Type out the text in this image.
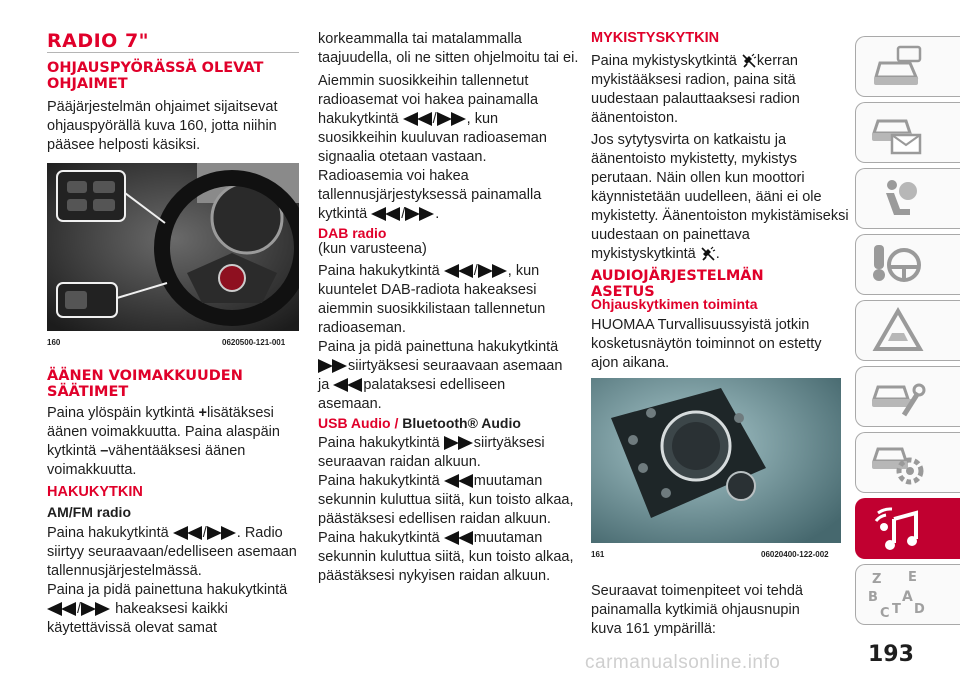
RADIO 7"
OHJAUSPYÖRÄSSÄ OLEVAT OHJAIMET

Pääjärjestelmän ohjaimet sijaitsevat

ohjauspyörällä kuva 160, jotta niihin

pääsee helposti käsiksi.

160	0620500-121-001
ÄÄNEN VOIMAKKUUDEN SÄÄTIMET

Paina ylöspäin kytkintä +lisätäksesi

äänen voimakkuutta. Paina alaspäin

kytkintä –vähentääksesi äänen

voimakkuutta.

HAKUKYTKIN
AM/FM radio

Paina hakukytkintä / . Radio

siirtyy seuraavaan/edelliseen asemaan

tallennusjärjestelmässä.

Paina ja pidä painettuna hakukytkintä

/ hakeaksesi kaikki

käytettävissä olevat samat

korkeammalla tai matalammalla

taajuudella, oli ne sitten ohjelmoitu tai ei.

Aiemmin suosikkeihin tallennetut

radioasemat voi hakea painamalla

hakukytkintä / , kun

suosikkeihin kuuluvan radioaseman

signaalia otetaan vastaan.

Radioasemia voi hakea

tallennusjärjestyksessä painamalla

kytkintä / .

DAB radio

(kun varusteena)

Paina hakukytkintä / , kun

kuuntelet DAB-radiota hakeaksesi

aiemmin suosikkilistaan tallennetun

radioaseman.

Paina ja pidä painettuna hakukytkintä

siirtyäksesi seuraavaan asemaan

ja palataksesi edelliseen

asemaan.

USB Audio / Bluetooth® Audio

Paina hakukytkintä siirtyäksesi

seuraavan raidan alkuun.

Paina hakukytkintä muutaman

sekunnin kuluttua siitä, kun toisto alkaa,

päästäksesi edellisen raidan alkuun.

Paina hakukytkintä muutaman

sekunnin kuluttua siitä, kun toisto alkaa,

päästäksesi nykyisen raidan alkuun.

MYKISTYSKYTKIN

Paina mykistyskytkintä kerran

mykistääksesi radion, paina sitä

uudestaan palauttaaksesi radion

äänentoiston.

Jos sytytysvirta on katkaistu ja

äänentoisto mykistetty, mykistys

perutaan. Näin ollen kun moottori

käynnistetään uudelleen, ääni ei ole

mykistetty. Äänentoiston mykistämiseksi

uudestaan on painettava

mykistyskytkintä .

AUDIOJÄRJESTELMÄN ASETUS
Ohjauskytkimen toiminta

HUOMAA Turvallisuussyistä jotkin

kosketusnäytön toiminnot on estetty

ajon aikana.

161	06020400-122-002

Seuraavat toimenpiteet voi tehdä

painamalla kytkimiä ohjausnupin

kuva 161 ympärillä:

Z E
B A
C T D
193
carmanualsonline.info
